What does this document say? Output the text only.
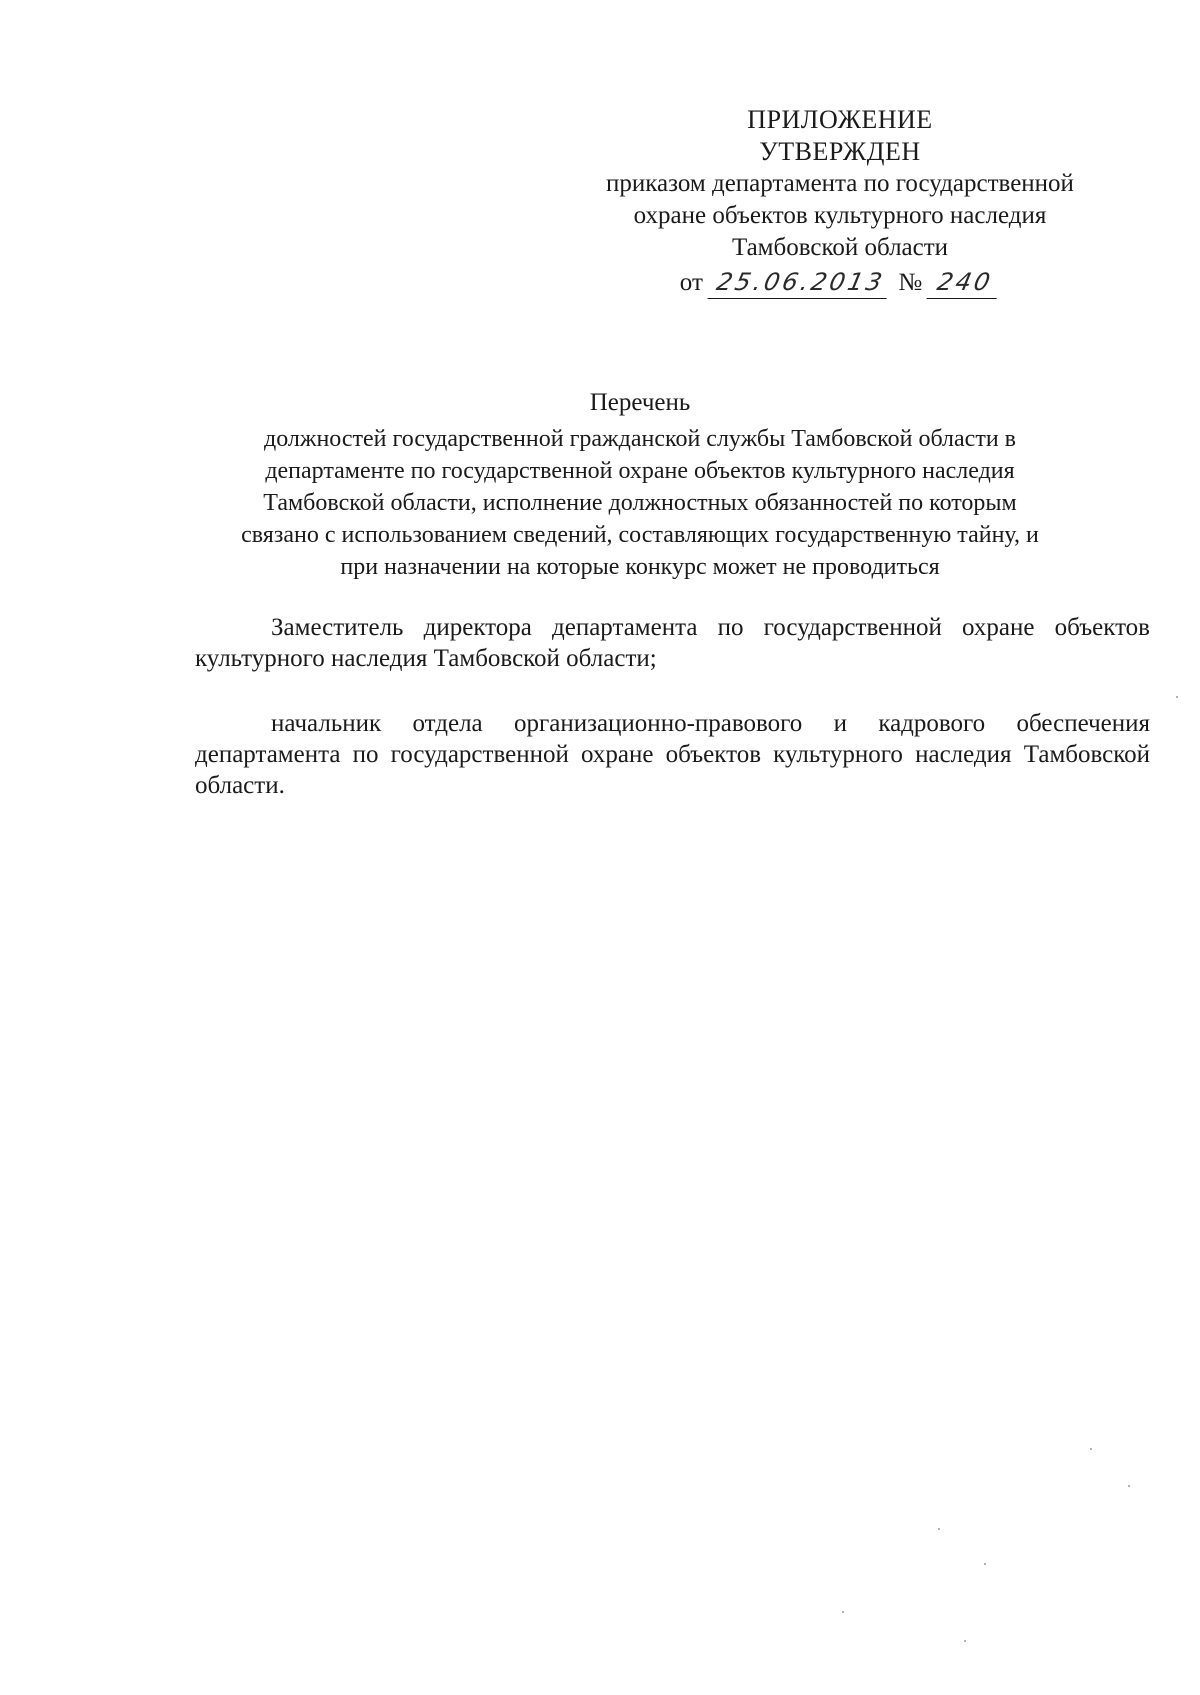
ПРИЛОЖЕНИЕ
УТВЕРЖДЕН
приказом департамента по государственной
охране объектов культурного наследия
Тамбовской области
от 25.06.2013 № 240
Перечень
должностей государственной гражданской службы Тамбовской области в
департаменте по государственной охране объектов культурного наследия
Тамбовской области, исполнение должностных обязанностей по которым
связано с использованием сведений, составляющих государственную тайну, и
при назначении на которые конкурс может не проводиться
Заместитель директора департамента по государственной охране объектов культурного наследия Тамбовской области;
начальник отдела организационно-правового и кадрового обеспечения департамента по государственной охране объектов культурного наследия Тамбовской области.
